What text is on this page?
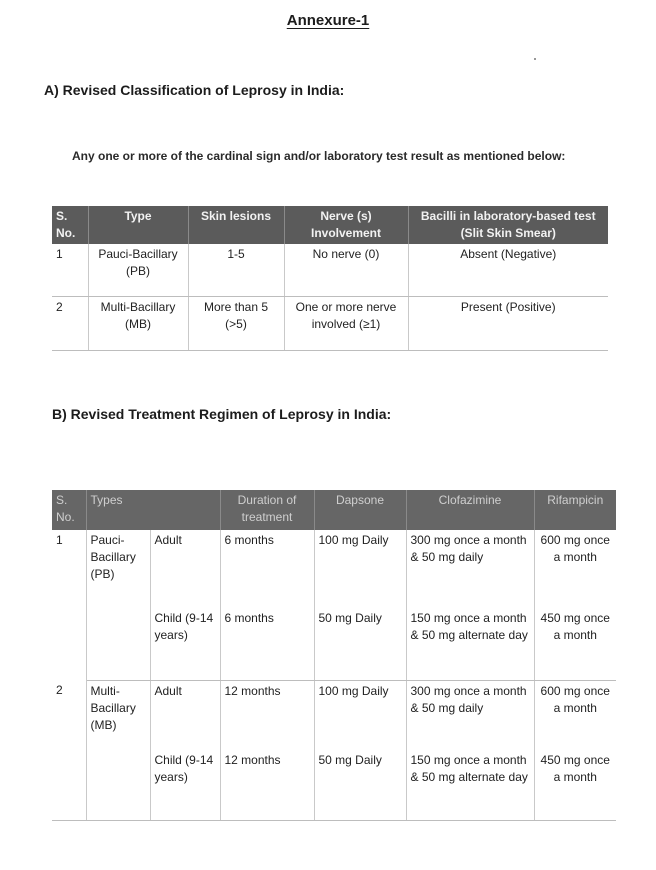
Annexure-1
A) Revised Classification of Leprosy in India:
Any one or more of the cardinal sign and/or laboratory test result as mentioned below:
S. No.	Type	Skin lesions	Nerve (s) Involvement	Bacilli in laboratory-based test (Slit Skin Smear)
1	Pauci-Bacillary (PB)	1-5	No nerve (0)	Absent (Negative)
2	Multi-Bacillary (MB)	More than 5 (>5)	One or more nerve involved (≥1)	Present (Positive)
B) Revised Treatment Regimen of Leprosy in India:
S. No.	Types		Duration of treatment	Dapsone	Clofazimine	Rifampicin
1	Pauci-Bacillary (PB)	Adult	6 months	100 mg Daily	300 mg once a month & 50 mg daily	600 mg once a month
		Child (9-14 years)	6 months	50 mg Daily	150 mg once a month & 50 mg alternate day	450 mg once a month
2	Multi-Bacillary (MB)	Adult	12 months	100 mg Daily	300 mg once a month & 50 mg daily	600 mg once a month
		Child (9-14 years)	12 months	50 mg Daily	150 mg once a month & 50 mg alternate day	450 mg once a month
